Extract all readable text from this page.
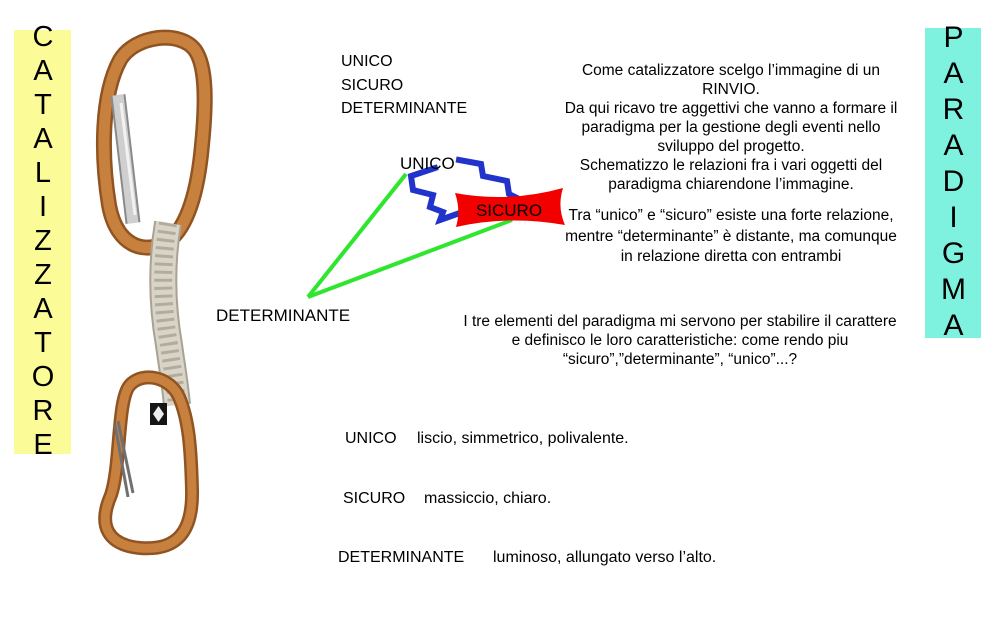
CATALIZZATORE	PARADIGMA
UNICO
SICURO
DETERMINANTE
Come catalizzatore scelgo l’immagine di un
RINVIO.
Da qui ricavo tre aggettivi che vanno a formare il
paradigma per la gestione degli eventi nello
sviluppo del progetto.
Schematizzo le relazioni fra i vari oggetti del
paradigma chiarendone l’immagine.
Tra “unico” e “sicuro” esiste una forte relazione,
mentre “determinante” è distante, ma comunque
in relazione diretta con entrambi
I tre elementi del paradigma mi servono per stabilire il carattere
e definisco le loro caratteristiche: come rendo piu
“sicuro”,”determinante”, “unico”...?
UNICO
SICURO
DETERMINANTE
UNICO liscio, simmetrico, polivalente.
SICURO massiccio, chiaro.
DETERMINANTE luminoso, allungato verso l’alto.
